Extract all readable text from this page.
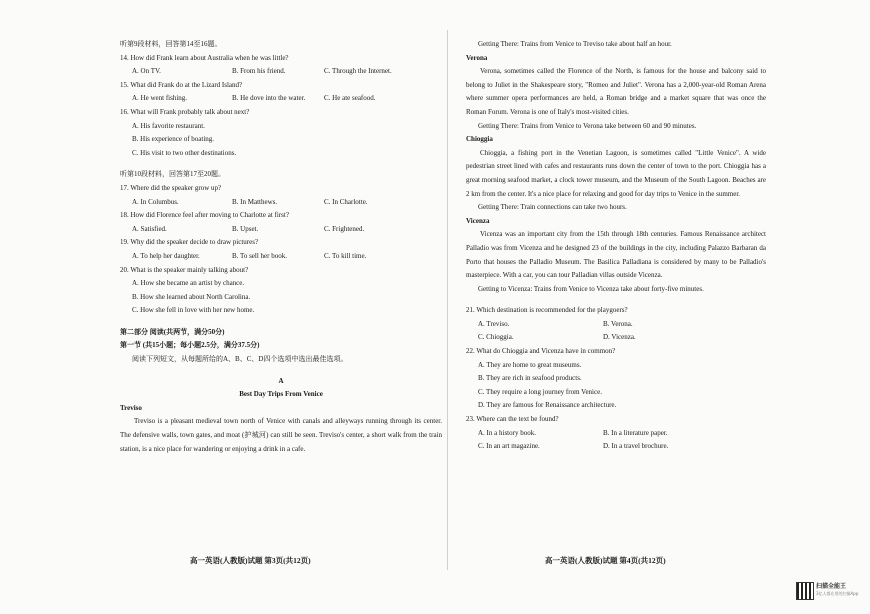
听第9段材料，回答第14至16题。
14. How did Frank learn about Australia when he was little?
A. On TV.	B. From his friend.	C. Through the Internet.
15. What did Frank do at the Lizard Island?
A. He went fishing.	B. He dove into the water.	C. He ate seafood.
16. What will Frank probably talk about next?
A. His favorite restaurant.
B. His experience of boating.
C. His visit to two other destinations.
听第10段材料，回答第17至20题。
17. Where did the speaker grow up?
A. In Columbus.	B. In Matthews.	C. In Charlotte.
18. How did Florence feel after moving to Charlotte at first?
A. Satisfied.	B. Upset.	C. Frightened.
19. Why did the speaker decide to draw pictures?
A. To help her daughter.	B. To sell her book.	C. To kill time.
20. What is the speaker mainly talking about?
A. How she became an artist by chance.
B. How she learned about North Carolina.
C. How she fell in love with her new home.
第二部分 阅读(共两节，满分50分)
第一节 (共15小题；每小题2.5分，满分37.5分)
阅读下列短文，从每题所给的A、B、C、D四个选项中选出最佳选项。
A
Best Day Trips From Venice
Treviso
Treviso is a pleasant medieval town north of Venice with canals and alleyways running through its center. The defensive walls, town gates, and moat (护城河) can still be seen. Treviso's center, a short walk from the train station, is a nice place for wandering or enjoying a drink in a cafe.
Getting There: Trains from Venice to Treviso take about half an hour.
Verona
Verona, sometimes called the Florence of the North, is famous for the house and balcony said to belong to Juliet in the Shakespeare story, "Romeo and Juliet". Verona has a 2,000-year-old Roman Arena where summer opera performances are held, a Roman bridge and a market square that was once the Roman Forum. Verona is one of Italy's most-visited cities.
Getting There: Trains from Venice to Verona take between 60 and 90 minutes.
Chioggia
Chioggia, a fishing port in the Venetian Lagoon, is sometimes called "Little Venice". A wide pedestrian street lined with cafes and restaurants runs down the center of town to the port. Chioggia has a great morning seafood market, a clock tower museum, and the Museum of the South Lagoon. Beaches are 2 km from the center. It's a nice place for relaxing and good for day trips to Venice in the summer.
Getting There: Train connections can take two hours.
Vicenza
Vicenza was an important city from the 15th through 18th centuries. Famous Renaissance architect Palladio was from Vicenza and he designed 23 of the buildings in the city, including Palazzo Barbaran da Porto that houses the Palladio Museum. The Basilica Palladiana is considered by many to be Palladio's masterpiece. With a car, you can tour Palladian villas outside Vicenza.
Getting to Vicenza: Trains from Venice to Vicenza take about forty-five minutes.
21. Which destination is recommended for the playgoers?
A. Treviso.	B. Verona.
C. Chioggia.	D. Vicenza.
22. What do Chioggia and Vicenza have in common?
A. They are home to great museums.
B. They are rich in seafood products.
C. They require a long journey from Venice.
D. They are famous for Renaissance architecture.
23. Where can the text be found?
A. In a history book.	B. In a literature paper.
C. In an art magazine.	D. In a travel brochure.
高一英语(人教版)试题 第3页(共12页)	高一英语(人教版)试题 第4页(共12页)
扫描全能王
3亿人都在用的扫描App
